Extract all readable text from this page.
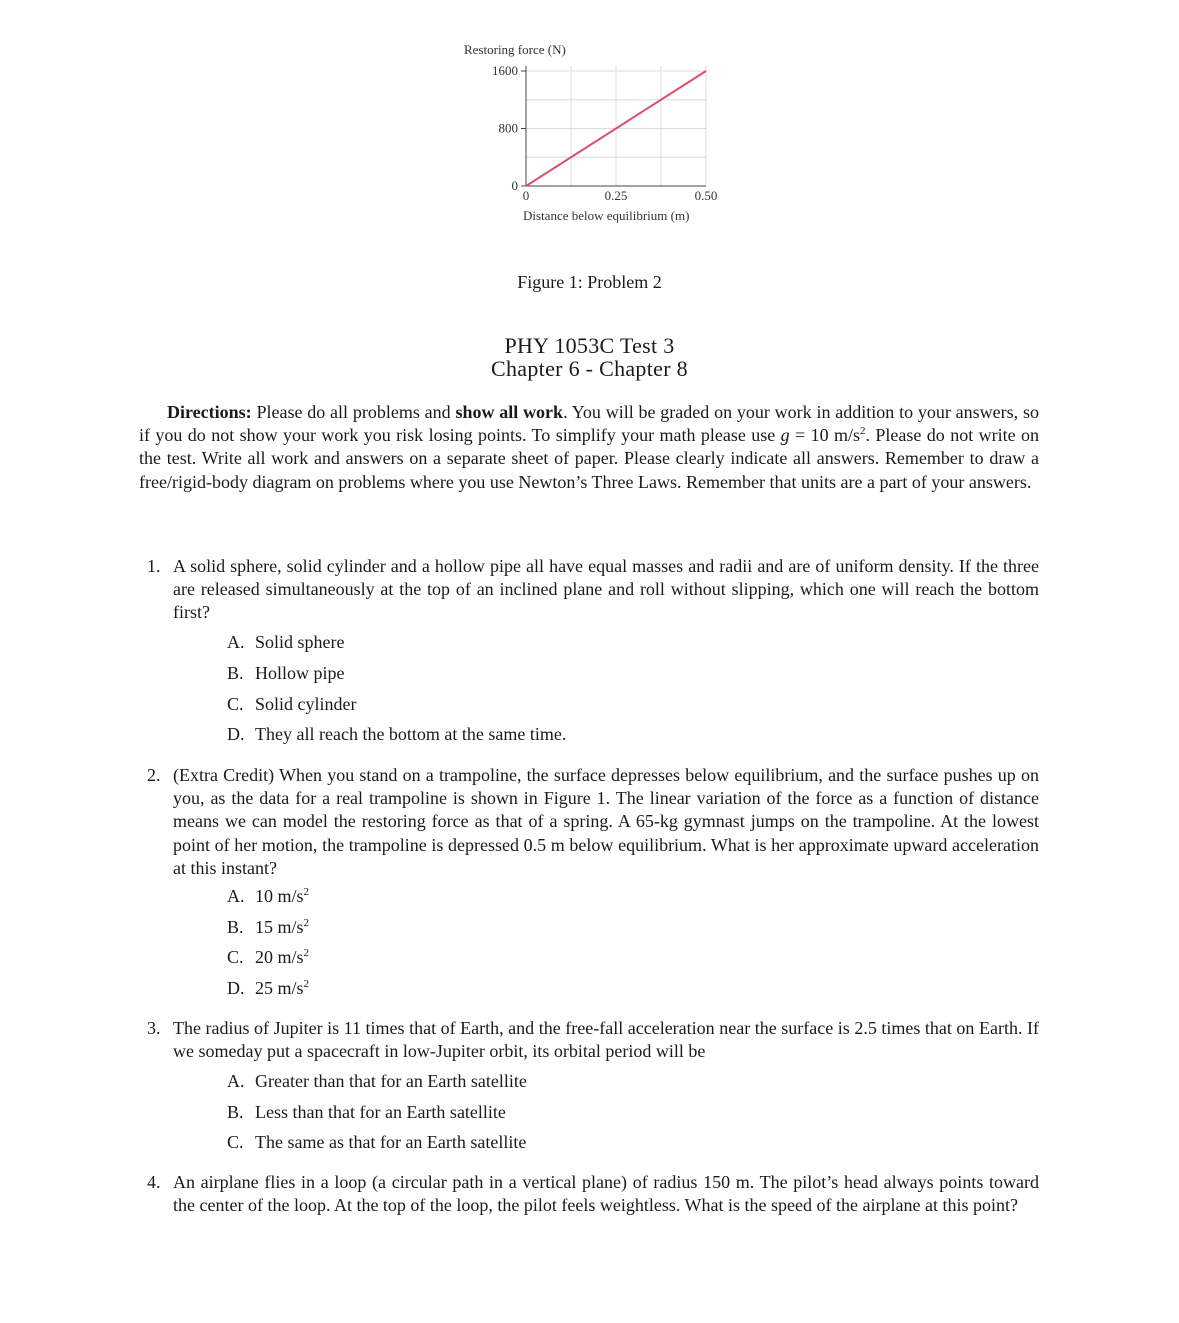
Restoring force (N)
0
800
1600
0	0.25	0.50
Distance below equilibrium (m)
Figure 1: Problem 2
PHY 1053C Test 3
Chapter 6 - Chapter 8
Directions: Please do all problems and show all work. You will be graded on your work in addition to your answers, so if you do not show your work you risk losing points. To simplify your math please use g = 10 $m/s^2$. Please do not write on the test. Write all work and answers on a separate sheet of paper. Please clearly indicate all answers. Remember to draw a free/rigid-body diagram on problems where you use Newton’s Three Laws. Remember that units are a part of your answers.
1. A solid sphere, solid cylinder and a hollow pipe all have equal masses and radii and are of uniform density. If the three are released simultaneously at the top of an inclined plane and roll without slipping, which one will reach the bottom first?
A. Solid sphere
B. Hollow pipe
C. Solid cylinder
D. They all reach the bottom at the same time.
2. (Extra Credit) When you stand on a trampoline, the surface depresses below equilibrium, and the surface pushes up on you, as the data for a real trampoline is shown in Figure 1. The linear variation of the force as a function of distance means we can model the restoring force as that of a spring. A 65-kg gymnast jumps on the trampoline. At the lowest point of her motion, the trampoline is depressed 0.5 m below equilibrium. What is her approximate upward acceleration at this instant?
A. 10 $m/s^2$
B. 15 $m/s^2$
C. 20 $m/s^2$
D. 25 $m/s^2$
3. The radius of Jupiter is 11 times that of Earth, and the free-fall acceleration near the surface is 2.5 times that on Earth. If we someday put a spacecraft in low-Jupiter orbit, its orbital period will be
A. Greater than that for an Earth satellite
B. Less than that for an Earth satellite
C. The same as that for an Earth satellite
4. An airplane flies in a loop (a circular path in a vertical plane) of radius 150 m. The pilot’s head always points toward the center of the loop. At the top of the loop, the pilot feels weightless. What is the speed of the airplane at this point?
